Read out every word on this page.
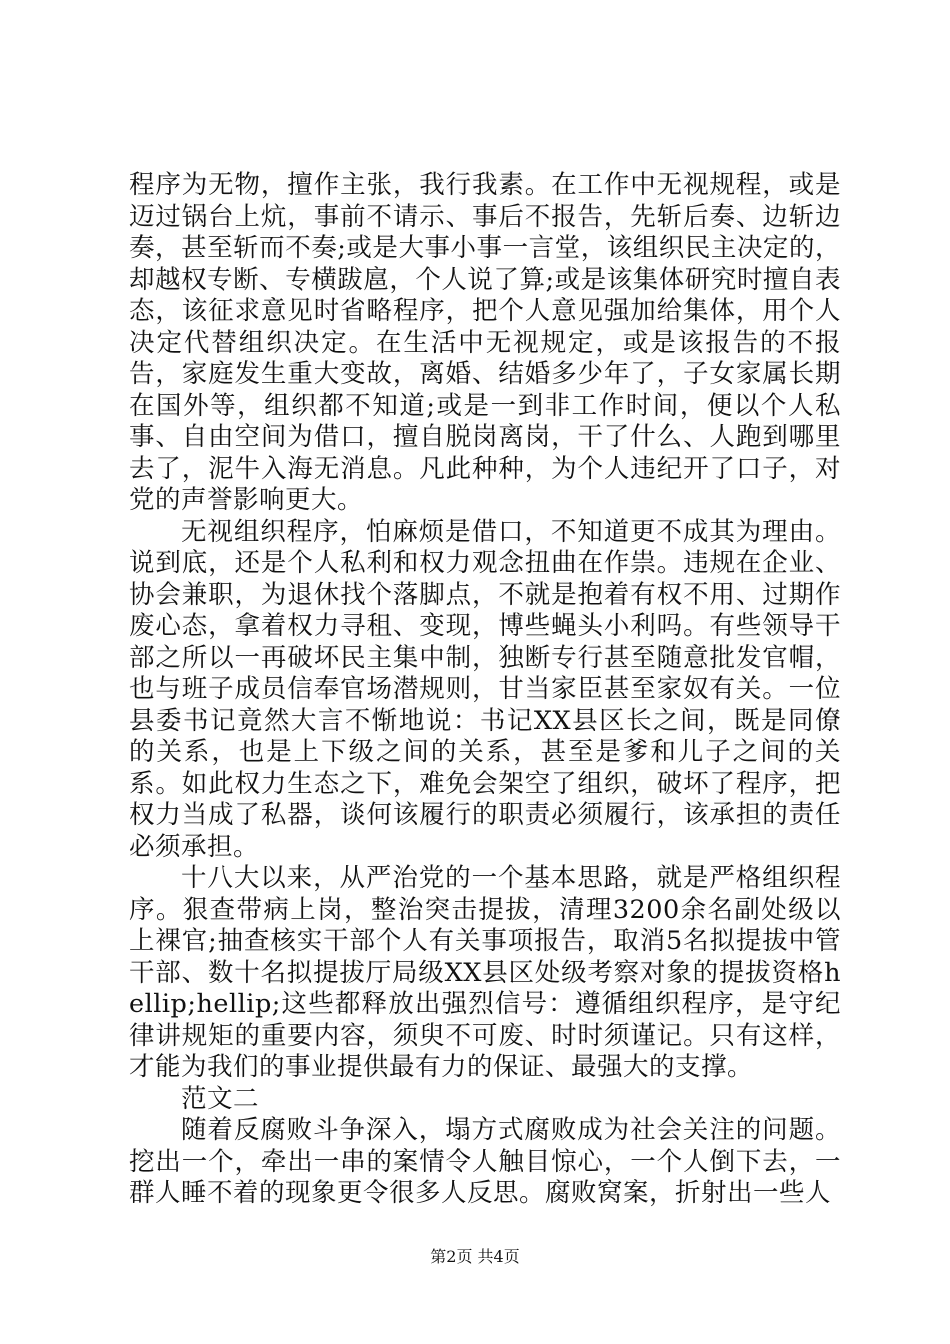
程序为无物，擅作主张，我行我素。在工作中无视规程，或是迈过锅台上炕，事前不请示、事后不报告，先斩后奏、边斩边奏，甚至斩而不奏;或是大事小事一言堂，该组织民主决定的，却越权专断、专横跋扈，个人说了算;或是该集体研究时擅自表态，该征求意见时省略程序，把个人意见强加给集体，用个人决定代替组织决定。在生活中无视规定，或是该报告的不报告，家庭发生重大变故，离婚、结婚多少年了，子女家属长期在国外等，组织都不知道;或是一到非工作时间，便以个人私事、自由空间为借口，擅自脱岗离岗，干了什么、人跑到哪里去了，泥牛入海无消息。凡此种种，为个人违纪开了口子，对党的声誉影响更大。

无视组织程序，怕麻烦是借口，不知道更不成其为理由。说到底，还是个人私利和权力观念扭曲在作祟。违规在企业、协会兼职，为退休找个落脚点，不就是抱着有权不用、过期作废心态，拿着权力寻租、变现，博些蝇头小利吗。有些领导干部之所以一再破坏民主集中制，独断专行甚至随意批发官帽，也与班子成员信奉官场潜规则，甘当家臣甚至家奴有关。一位县委书记竟然大言不惭地说：书记XX县区长之间，既是同僚的关系，也是上下级之间的关系，甚至是爹和儿子之间的关系。如此权力生态之下，难免会架空了组织，破坏了程序，把权力当成了私器，谈何该履行的职责必须履行，该承担的责任必须承担。

十八大以来，从严治党的一个基本思路，就是严格组织程序。狠查带病上岗，整治突击提拔，清理3200余名副处级以上裸官;抽查核实干部个人有关事项报告，取消5名拟提拔中管干部、数十名拟提拔厅局级XX县区处级考察对象的提拔资格hellip;hellip;这些都释放出强烈信号：遵循组织程序，是守纪律讲规矩的重要内容，须臾不可废、时时须谨记。只有这样，才能为我们的事业提供最有力的保证、最强大的支撑。

范文二

随着反腐败斗争深入，塌方式腐败成为社会关注的问题。挖出一个，牵出一串的案情令人触目惊心，一个人倒下去，一群人睡不着的现象更令很多人反思。腐败窝案，折射出一些人

第2页 共4页
